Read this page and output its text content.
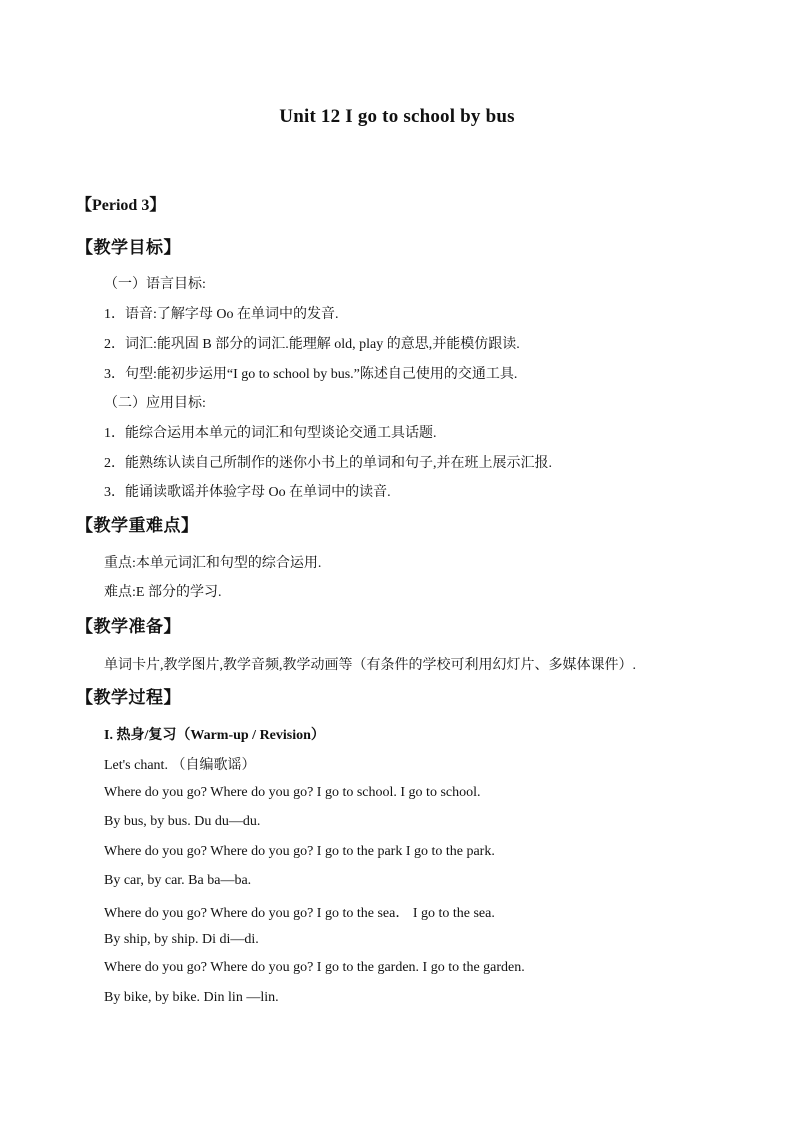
Unit 12 I go to school by bus
【Period 3】
【教学目标】
（一）语言目标:
1．语音:了解字母 Oo 在单词中的发音.
2．词汇:能巩固 B 部分的词汇.能理解 old, play 的意思,并能模仿跟读.
3．句型:能初步运用“I go to school by bus.”陈述自己使用的交通工具.
（二）应用目标:
1．能综合运用本单元的词汇和句型谈论交通工具话题.
2．能熟练认读自己所制作的迷你小书上的单词和句子,并在班上展示汇报.
3．能诵读歌谣并体验字母 Oo 在单词中的读音.
【教学重难点】
重点:本单元词汇和句型的综合运用.
难点:E 部分的学习.
【教学准备】
单词卡片,教学图片,教学音频,教学动画等（有条件的学校可利用幻灯片、多媒体课件）.
【教学过程】
I. 热身/复习（Warm-up / Revision）
Let's chant. （自编歌谣）
Where do you go? Where do you go? I go to school. I go to school.
By bus, by bus. Du du—du.
Where do you go? Where do you go? I go to the park I go to the park.
By car, by car. Ba ba—ba.
Where do you go? Where do you go? I go to the sea． I go to the sea.
By ship, by ship. Di di—di.
Where do you go? Where do you go? I go to the garden. I go to the garden.
By bike, by bike. Din lin —lin.
